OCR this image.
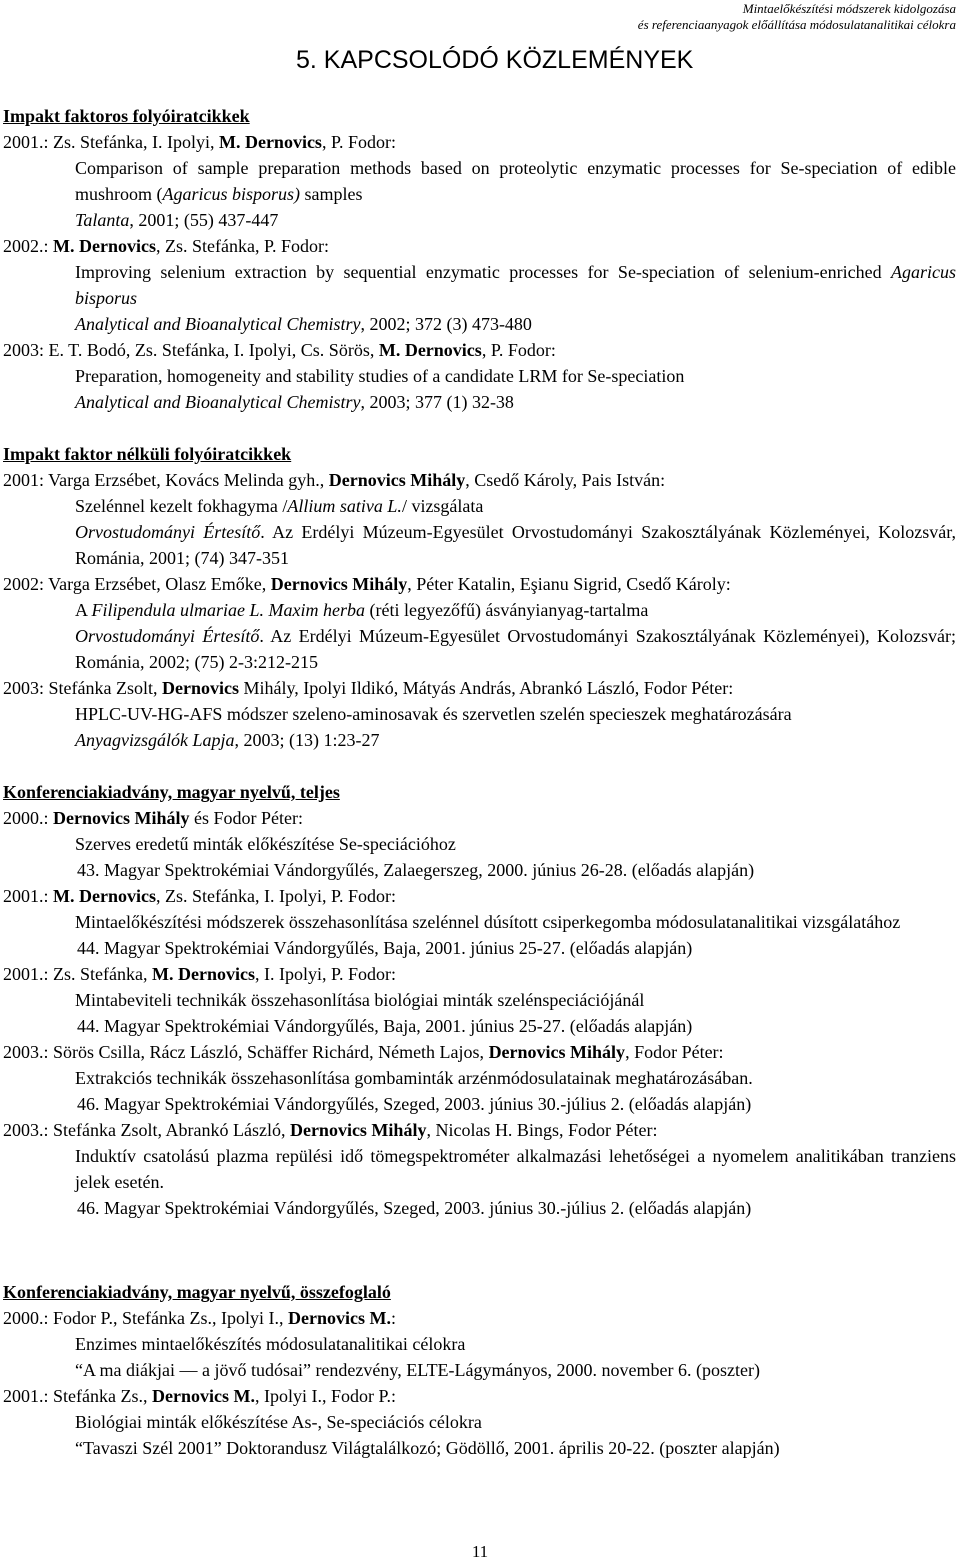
Mintaelőkészítési módszerek kidolgozása
és referenciaanyagok előállítása módosulatanalitikai célokra
5. KAPCSOLÓDÓ KÖZLEMÉNYEK
Impakt faktoros folyóiratcikkek
2001.: Zs. Stefánka, I. Ipolyi, M. Dernovics, P. Fodor:
Comparison of sample preparation methods based on proteolytic enzymatic processes for Se-speciation of edible mushroom (Agaricus bisporus) samples
Talanta, 2001; (55) 437-447
2002.: M. Dernovics, Zs. Stefánka, P. Fodor:
Improving selenium extraction by sequential enzymatic processes for Se-speciation of selenium-enriched Agaricus bisporus
Analytical and Bioanalytical Chemistry, 2002; 372 (3) 473-480
2003: E. T. Bodó, Zs. Stefánka, I. Ipolyi, Cs. Sörös, M. Dernovics, P. Fodor:
Preparation, homogeneity and stability studies of a candidate LRM for Se-speciation
Analytical and Bioanalytical Chemistry, 2003; 377 (1) 32-38
Impakt faktor nélküli folyóiratcikkek
2001: Varga Erzsébet, Kovács Melinda gyh., Dernovics Mihály, Csedő Károly, Pais István:
Szelénnel kezelt fokhagyma /Allium sativa L./ vizsgálata
Orvostudományi Értesítő. Az Erdélyi Múzeum-Egyesület Orvostudományi Szakosztályának Közleményei, Kolozsvár, Románia, 2001; (74) 347-351
2002: Varga Erzsébet, Olasz Emőke, Dernovics Mihály, Péter Katalin, Eşianu Sigrid, Csedő Károly:
A Filipendula ulmariae L. Maxim herba (réti legyezőfű) ásványianyag-tartalma
Orvostudományi Értesítő. Az Erdélyi Múzeum-Egyesület Orvostudományi Szakosztályának Közleményei), Kolozsvár; Románia, 2002; (75) 2-3:212-215
2003: Stefánka Zsolt, Dernovics Mihály, Ipolyi Ildikó, Mátyás András, Abrankó László, Fodor Péter:
HPLC-UV-HG-AFS módszer szeleno-aminosavak és szervetlen szelén specieszek meghatározására
Anyagvizsgálók Lapja, 2003; (13) 1:23-27
Konferenciakiadvány, magyar nyelvű, teljes
2000.: Dernovics Mihály és Fodor Péter:
Szerves eredetű minták előkészítése Se-speciációhoz
43. Magyar Spektrokémiai Vándorgyűlés, Zalaegerszeg, 2000. június 26-28. (előadás alapján)
2001.: M. Dernovics, Zs. Stefánka, I. Ipolyi, P. Fodor:
Mintaelőkészítési módszerek összehasonlítása szelénnel dúsított csiperkegomba módosulatanalitikai vizsgálatához
44. Magyar Spektrokémiai Vándorgyűlés, Baja, 2001. június 25-27. (előadás alapján)
2001.: Zs. Stefánka, M. Dernovics, I. Ipolyi, P. Fodor:
Mintabeviteli technikák összehasonlítása biológiai minták szelénspeciációjánál
44. Magyar Spektrokémiai Vándorgyűlés, Baja, 2001. június 25-27. (előadás alapján)
2003.: Sörös Csilla, Rácz László, Schäffer Richárd, Németh Lajos, Dernovics Mihály, Fodor Péter:
Extrakciós technikák összehasonlítása gombaminták arzénmódosulatainak meghatározásában.
46. Magyar Spektrokémiai Vándorgyűlés, Szeged, 2003. június 30.-július 2. (előadás alapján)
2003.: Stefánka Zsolt, Abrankó László, Dernovics Mihály, Nicolas H. Bings, Fodor Péter:
Induktív csatolású plazma repülési idő tömegspektrométer alkalmazási lehetőségei a nyomelem analitikában tranziens jelek esetén.
46. Magyar Spektrokémiai Vándorgyűlés, Szeged, 2003. június 30.-július 2. (előadás alapján)
Konferenciakiadvány, magyar nyelvű, összefoglaló
2000.: Fodor P., Stefánka Zs., Ipolyi I., Dernovics M.:
Enzimes mintaelőkészítés módosulatanalitikai célokra
“A ma diákjai — a jövő tudósai” rendezvény, ELTE-Lágymányos, 2000. november 6. (poszter)
2001.: Stefánka Zs., Dernovics M., Ipolyi I., Fodor P.:
Biológiai minták előkészítése As-, Se-speciációs célokra
“Tavaszi Szél 2001” Doktorandusz Világtalálkozó; Gödöllő, 2001. április 20-22. (poszter alapján)
11
